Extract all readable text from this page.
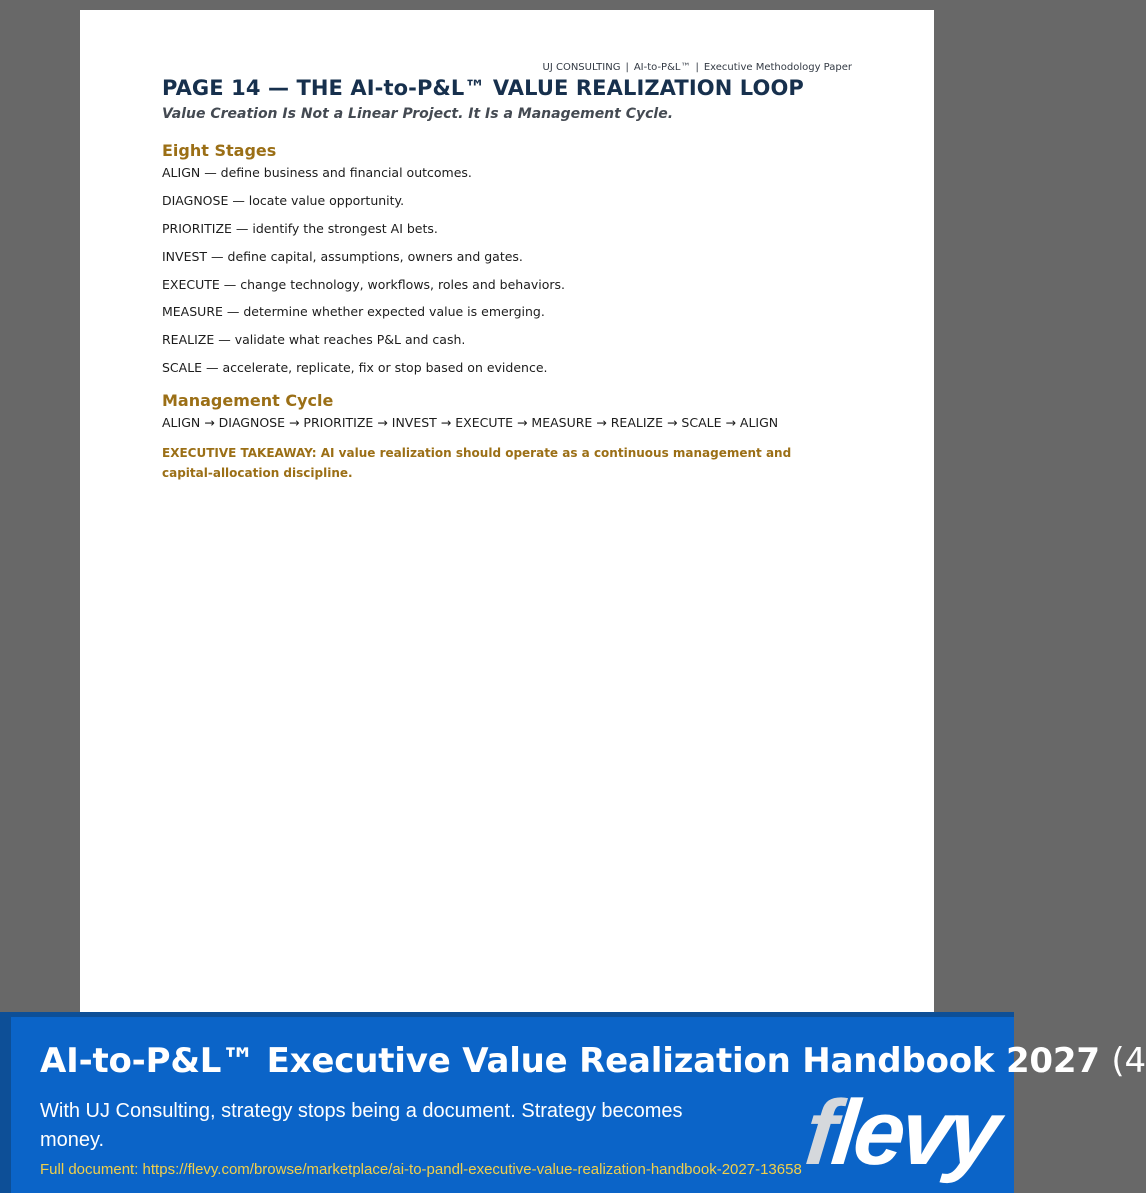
UJ CONSULTING | AI-to-P&L™ | Executive Methodology Paper
PAGE 14 — THE AI-to-P&L™ VALUE REALIZATION LOOP

Value Creation Is Not a Linear Project. It Is a Management Cycle.

Eight Stages
ALIGN — define business and financial outcomes.
DIAGNOSE — locate value opportunity.
PRIORITIZE — identify the strongest AI bets.
INVEST — define capital, assumptions, owners and gates.
EXECUTE — change technology, workflows, roles and behaviors.
MEASURE — determine whether expected value is emerging.
REALIZE — validate what reaches P&L and cash.
SCALE — accelerate, replicate, fix or stop based on evidence.
Management Cycle

ALIGN → DIAGNOSE → PRIORITIZE → INVEST → EXECUTE → MEASURE → REALIZE → SCALE → ALIGN

EXECUTIVE TAKEAWAY: AI value realization should operate as a continuous management and capital-allocation discipline.

AI-to-P&L™ Executive Value Realization Handbook 2027 (4

With UJ Consulting, strategy stops being a document. Strategy becomes money.

Full document: https://flevy.com/browse/marketplace/ai-to-pandl-executive-value-realization-handbook-2027-13658 flevy
